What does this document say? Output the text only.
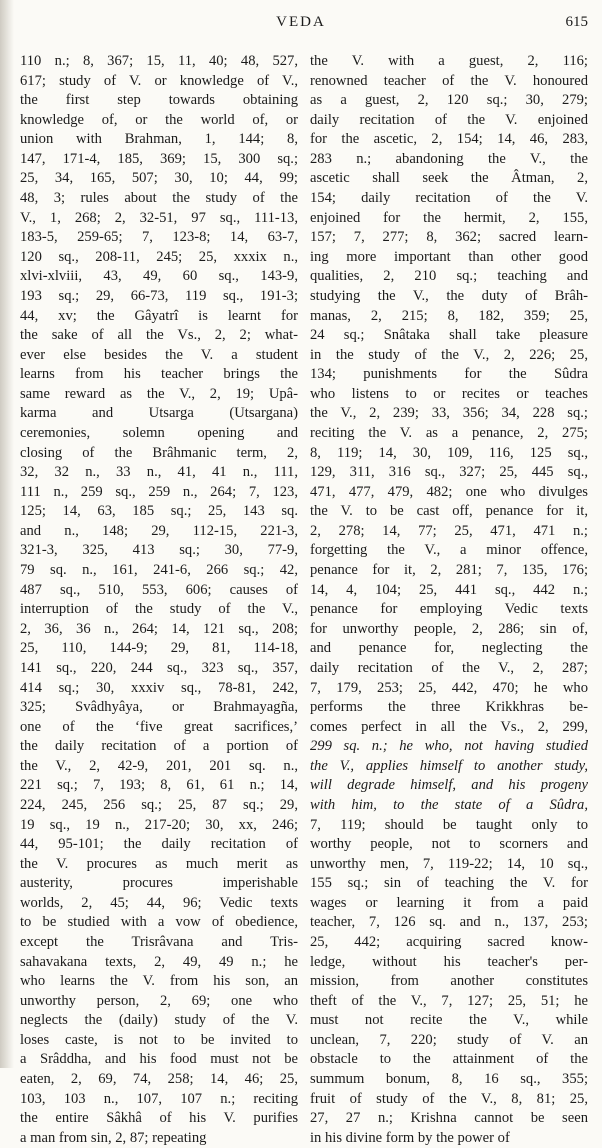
VEDA	615
110 n.; 8, 367; 15, 11, 40; 48, 527,
617; study of V. or knowledge of V.,
the first step towards obtaining
knowledge of, or the world of, or
union with Brahman, 1, 144; 8,
147, 171-4, 185, 369; 15, 300 sq.;
25, 34, 165, 507; 30, 10; 44, 99;
48, 3; rules about the study of the
V., 1, 268; 2, 32-51, 97 sq., 111-13,
183-5, 259-65; 7, 123-8; 14, 63-7,
120 sq., 208-11, 245; 25, xxxix n.,
xlvi-xlviii, 43, 49, 60 sq., 143-9,
193 sq.; 29, 66-73, 119 sq., 191-3;
44, xv; the Gâyatrî is learnt for
the sake of all the Vs., 2, 2; what-
ever else besides the V. a student
learns from his teacher brings the
same reward as the V., 2, 19; Upâ-
karma and Utsarga (Utsargana)
ceremonies, solemn opening and
closing of the Brâhmanic term, 2,
32, 32 n., 33 n., 41, 41 n., 111,
111 n., 259 sq., 259 n., 264; 7, 123,
125; 14, 63, 185 sq.; 25, 143 sq.
and n., 148; 29, 112-15, 221-3,
321-3, 325, 413 sq.; 30, 77-9,
79 sq. n., 161, 241-6, 266 sq.; 42,
487 sq., 510, 553, 606; causes of
interruption of the study of the V.,
2, 36, 36 n., 264; 14, 121 sq., 208;
25, 110, 144-9; 29, 81, 114-18,
141 sq., 220, 244 sq., 323 sq., 357,
414 sq.; 30, xxxiv sq., 78-81, 242,
325; Svâdhyâya, or Brahmayagña,
one of the ‘five great sacrifices,’
the daily recitation of a portion of
the V., 2, 42-9, 201, 201 sq. n.,
221 sq.; 7, 193; 8, 61, 61 n.; 14,
224, 245, 256 sq.; 25, 87 sq.; 29,
19 sq., 19 n., 217-20; 30, xx, 246;
44, 95-101; the daily recitation of
the V. procures as much merit as
austerity, procures imperishable
worlds, 2, 45; 44, 96; Vedic texts
to be studied with a vow of obedience,
except the Trisrâvana and Tris-
sahavakana texts, 2, 49, 49 n.; he
who learns the V. from his son, an
unworthy person, 2, 69; one who
neglects the (daily) study of the V.
loses caste, is not to be invited to
a Srâddha, and his food must not be
eaten, 2, 69, 74, 258; 14, 46; 25,
103, 103 n., 107, 107 n.; reciting
the entire Sâkhâ of his V. purifies
a man from sin, 2, 87; repeating
the V. with a guest, 2, 116;
renowned teacher of the V. honoured
as a guest, 2, 120 sq.; 30, 279;
daily recitation of the V. enjoined
for the ascetic, 2, 154; 14, 46, 283,
283 n.; abandoning the V., the
ascetic shall seek the Âtman, 2,
154; daily recitation of the V.
enjoined for the hermit, 2, 155,
157; 7, 277; 8, 362; sacred learn-
ing more important than other good
qualities, 2, 210 sq.; teaching and
studying the V., the duty of Brâh-
manas, 2, 215; 8, 182, 359; 25,
24 sq.; Snâtaka shall take pleasure
in the study of the V., 2, 226; 25,
134; punishments for the Sûdra
who listens to or recites or teaches
the V., 2, 239; 33, 356; 34, 228 sq.;
reciting the V. as a penance, 2, 275;
8, 119; 14, 30, 109, 116, 125 sq.,
129, 311, 316 sq., 327; 25, 445 sq.,
471, 477, 479, 482; one who divulges
the V. to be cast off, penance for it,
2, 278; 14, 77; 25, 471, 471 n.;
forgetting the V., a minor offence,
penance for it, 2, 281; 7, 135, 176;
14, 4, 104; 25, 441 sq., 442 n.;
penance for employing Vedic texts
for unworthy people, 2, 286; sin of,
and penance for, neglecting the
daily recitation of the V., 2, 287;
7, 179, 253; 25, 442, 470; he who
performs the three Krikkhras be-
comes perfect in all the Vs., 2, 299,
299 sq. n.; he who, not having studied
the V., applies himself to another study,
will degrade himself, and his progeny
with him, to the state of a Sûdra,
7, 119; should be taught only to
worthy people, not to scorners and
unworthy men, 7, 119-22; 14, 10 sq.,
155 sq.; sin of teaching the V. for
wages or learning it from a paid
teacher, 7, 126 sq. and n., 137, 253;
25, 442; acquiring sacred know-
ledge, without his teacher's per-
mission, from another constitutes
theft of the V., 7, 127; 25, 51; he
must not recite the V., while
unclean, 7, 220; study of V. an
obstacle to the attainment of the
summum bonum, 8, 16 sq., 355;
fruit of study of the V., 8, 81; 25,
27, 27 n.; Krishna cannot be seen
in his divine form by the power of
